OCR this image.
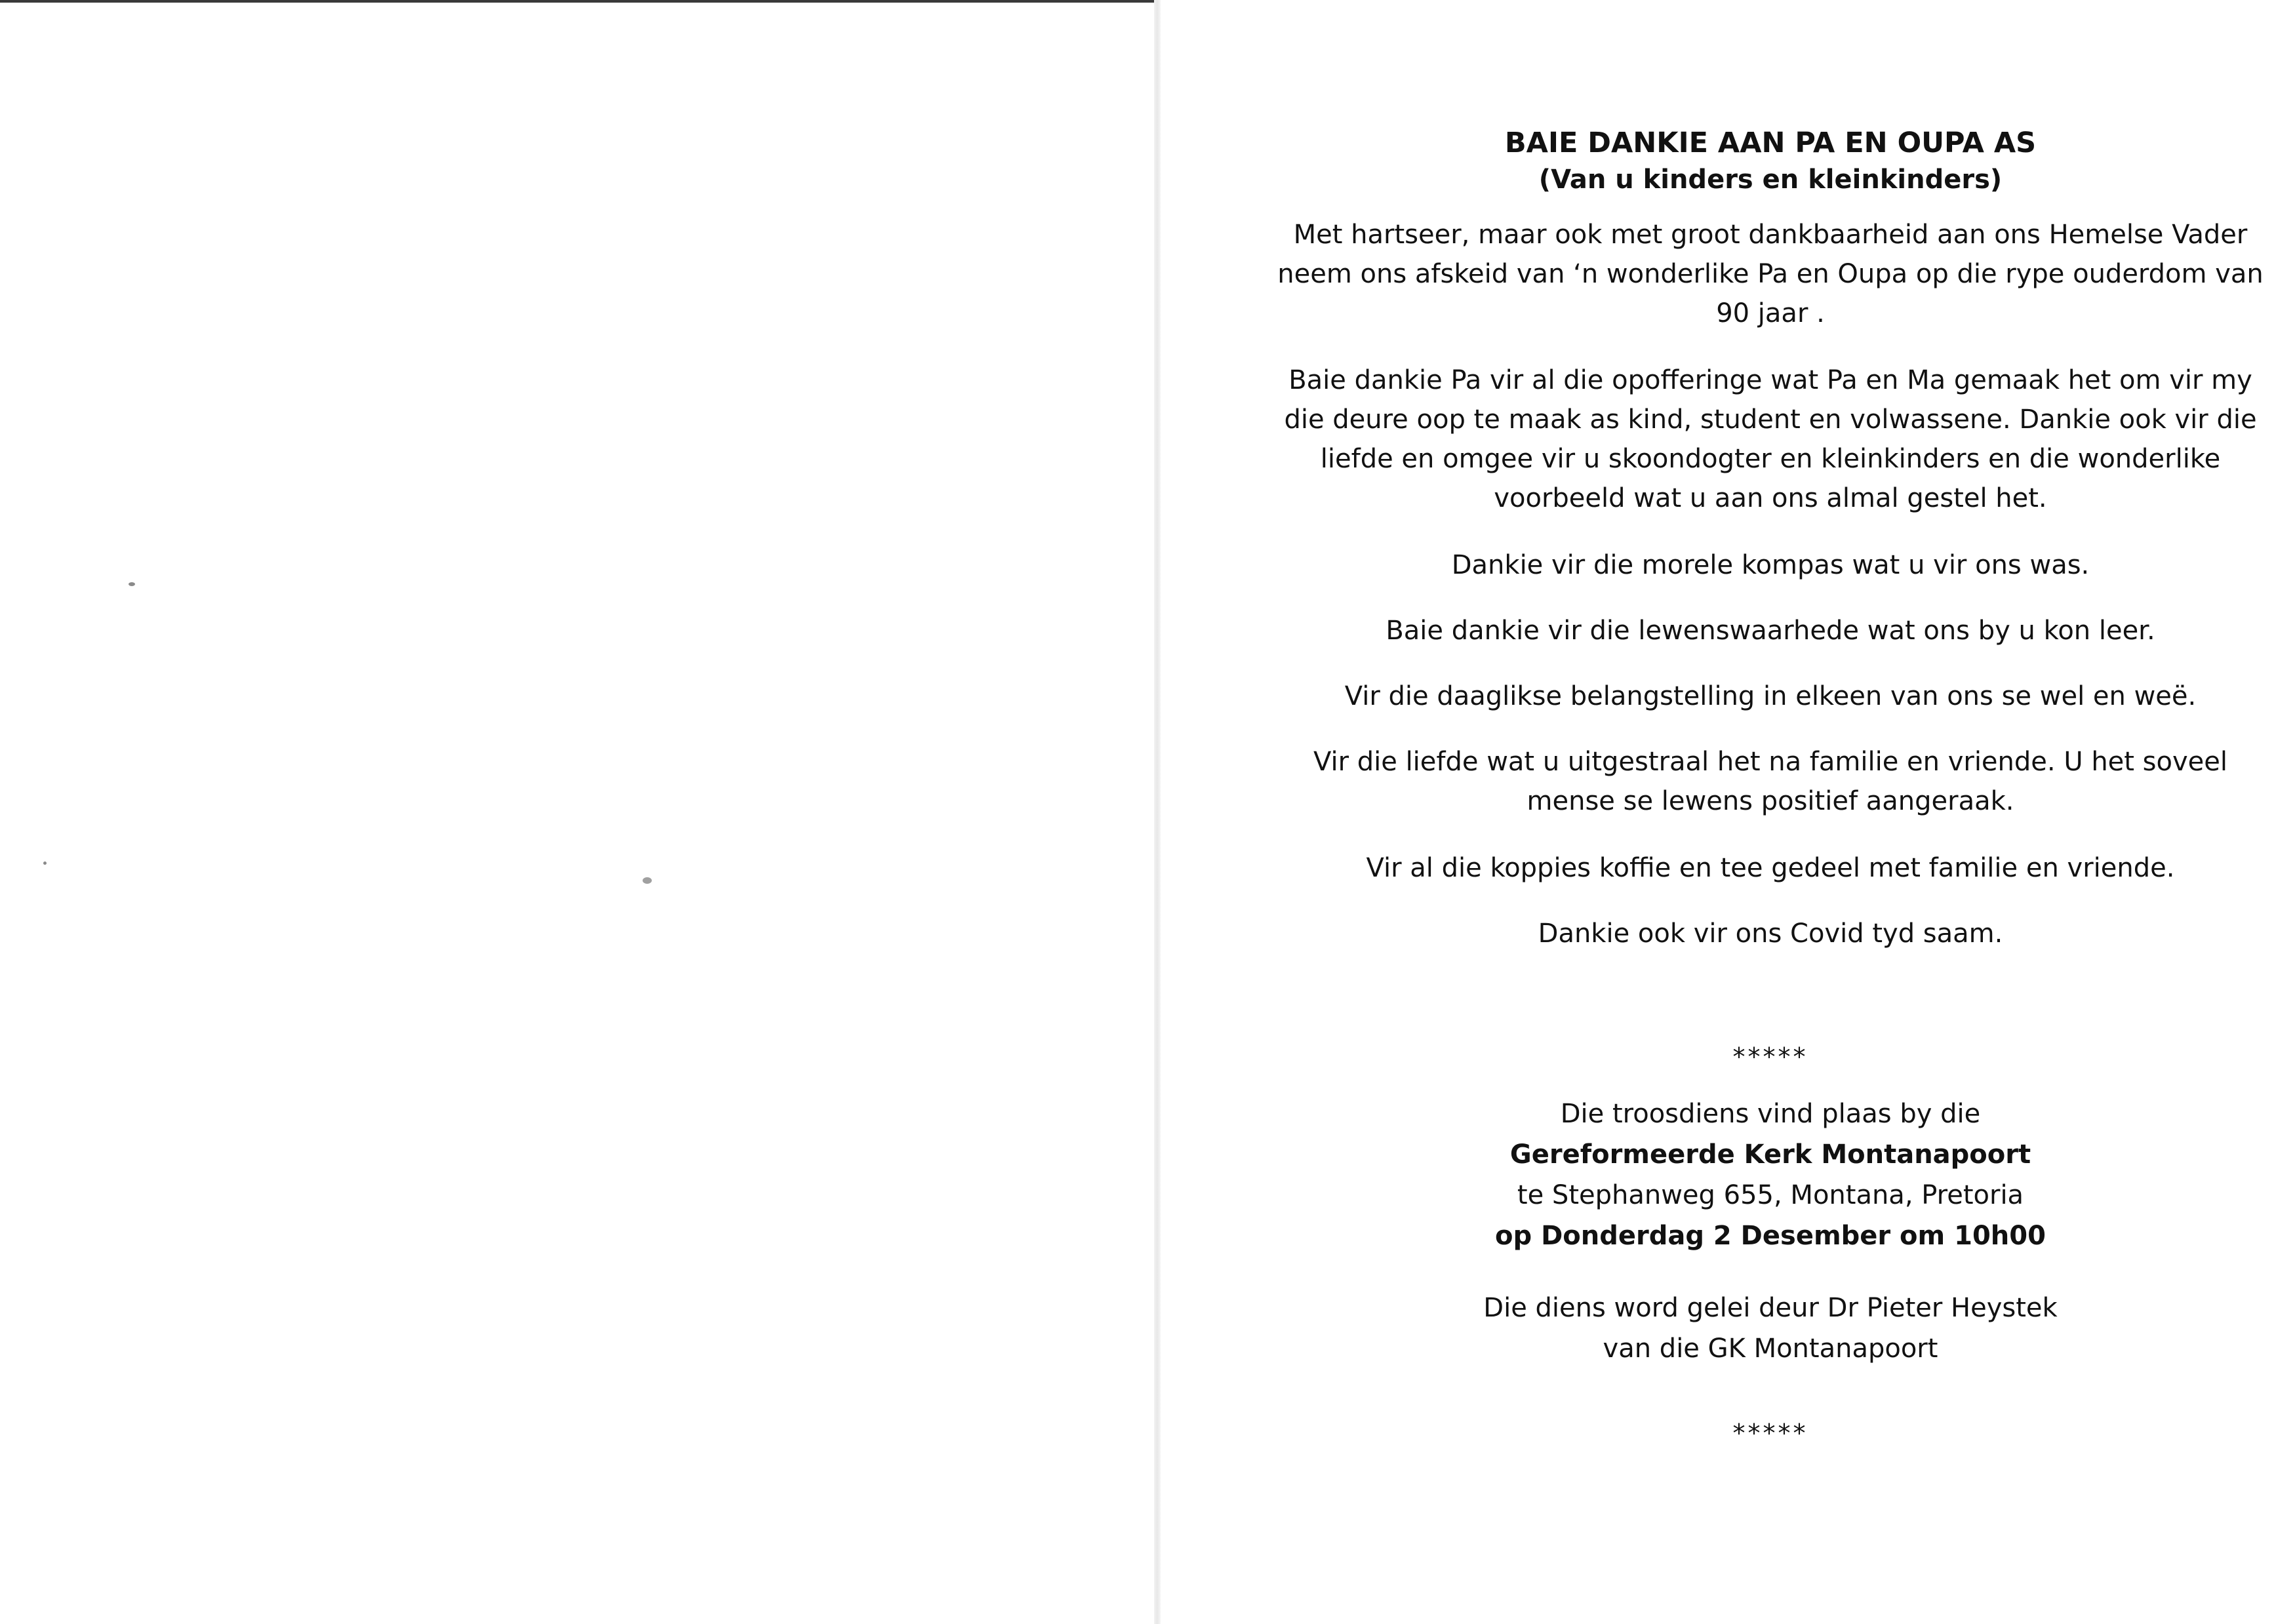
BAIE DANKIE AAN PA EN OUPA AS

(Van u kinders en kleinkinders)

Met hartseer, maar ook met groot dankbaarheid aan ons Hemelse Vader neem ons afskeid van ‘n wonderlike Pa en Oupa op die rype ouderdom van 90 jaar .

Baie dankie Pa vir al die opofferinge wat Pa en Ma gemaak het om vir my die deure oop te maak as kind, student en volwassene. Dankie ook vir die liefde en omgee vir u skoondogter en kleinkinders en die wonderlike voorbeeld wat u aan ons almal gestel het.

Dankie vir die morele kompas wat u vir ons was.

Baie dankie vir die lewenswaarhede wat ons by u kon leer.

Vir die daaglikse belangstelling in elkeen van ons se wel en weë.

Vir die liefde wat u uitgestraal het na familie en vriende. U het soveel mense se lewens positief aangeraak.

Vir al die koppies koffie en tee gedeel met familie en vriende.

Dankie ook vir ons Covid tyd saam.

*****

Die troosdiens vind plaas by die

Gereformeerde Kerk Montanapoort

te Stephanweg 655, Montana, Pretoria

op Donderdag 2 Desember om 10h00

Die diens word gelei deur Dr Pieter Heystek

van die GK Montanapoort

*****
